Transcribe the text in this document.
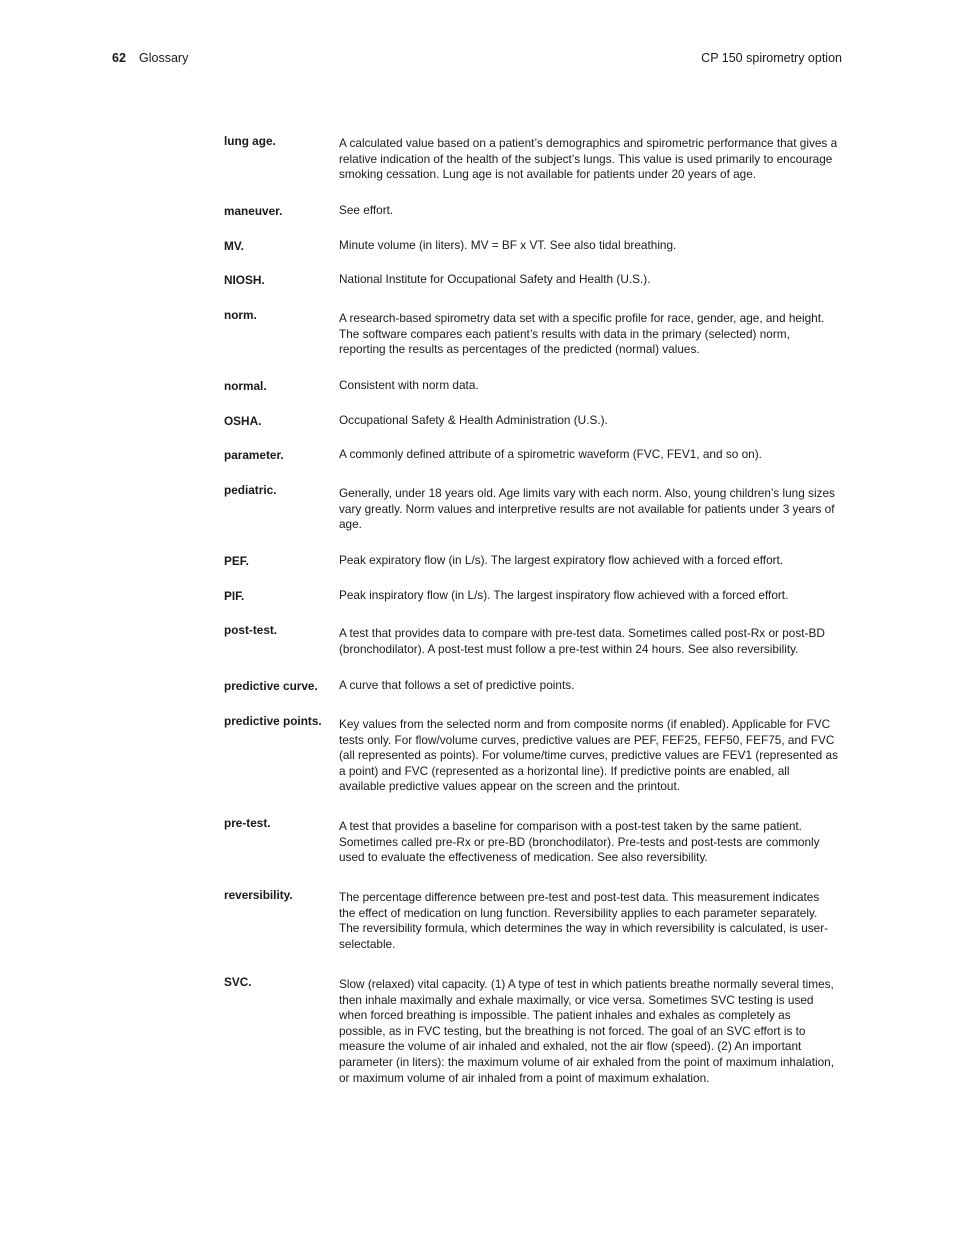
62 Glossary	CP 150 spirometry option
lung age.	A calculated value based on a patient’s demographics and spirometric performance that gives a relative indication of the health of the subject’s lungs. This value is used primarily to encourage smoking cessation. Lung age is not available for patients under 20 years of age.
maneuver.	See effort.
MV.	Minute volume (in liters). MV = BF x VT. See also tidal breathing.
NIOSH.	National Institute for Occupational Safety and Health (U.S.).
norm.	A research-based spirometry data set with a specific profile for race, gender, age, and height. The software compares each patient’s results with data in the primary (selected) norm, reporting the results as percentages of the predicted (normal) values.
normal.	Consistent with norm data.
OSHA.	Occupational Safety & Health Administration (U.S.).
parameter.	A commonly defined attribute of a spirometric waveform (FVC, FEV1, and so on).
pediatric.	Generally, under 18 years old. Age limits vary with each norm. Also, young children’s lung sizes vary greatly. Norm values and interpretive results are not available for patients under 3 years of age.
PEF.	Peak expiratory flow (in L/s). The largest expiratory flow achieved with a forced effort.
PIF.	Peak inspiratory flow (in L/s). The largest inspiratory flow achieved with a forced effort.
post-test.	A test that provides data to compare with pre-test data. Sometimes called post-Rx or post-BD (bronchodilator). A post-test must follow a pre-test within 24 hours. See also reversibility.
predictive curve.	A curve that follows a set of predictive points.
predictive points.	Key values from the selected norm and from composite norms (if enabled). Applicable for FVC tests only. For flow/volume curves, predictive values are PEF, FEF25, FEF50, FEF75, and FVC (all represented as points). For volume/time curves, predictive values are FEV1 (represented as a point) and FVC (represented as a horizontal line). If predictive points are enabled, all available predictive values appear on the screen and the printout.
pre-test.	A test that provides a baseline for comparison with a post-test taken by the same patient. Sometimes called pre-Rx or pre-BD (bronchodilator). Pre-tests and post-tests are commonly used to evaluate the effectiveness of medication. See also reversibility.
reversibility.	The percentage difference between pre-test and post-test data. This measurement indicates the effect of medication on lung function. Reversibility applies to each parameter separately. The reversibility formula, which determines the way in which reversibility is calculated, is user-selectable.
SVC.	Slow (relaxed) vital capacity. (1) A type of test in which patients breathe normally several times, then inhale maximally and exhale maximally, or vice versa. Sometimes SVC testing is used when forced breathing is impossible. The patient inhales and exhales as completely as possible, as in FVC testing, but the breathing is not forced. The goal of an SVC effort is to measure the volume of air inhaled and exhaled, not the air flow (speed). (2) An important parameter (in liters): the maximum volume of air exhaled from the point of maximum inhalation, or maximum volume of air inhaled from a point of maximum exhalation.
